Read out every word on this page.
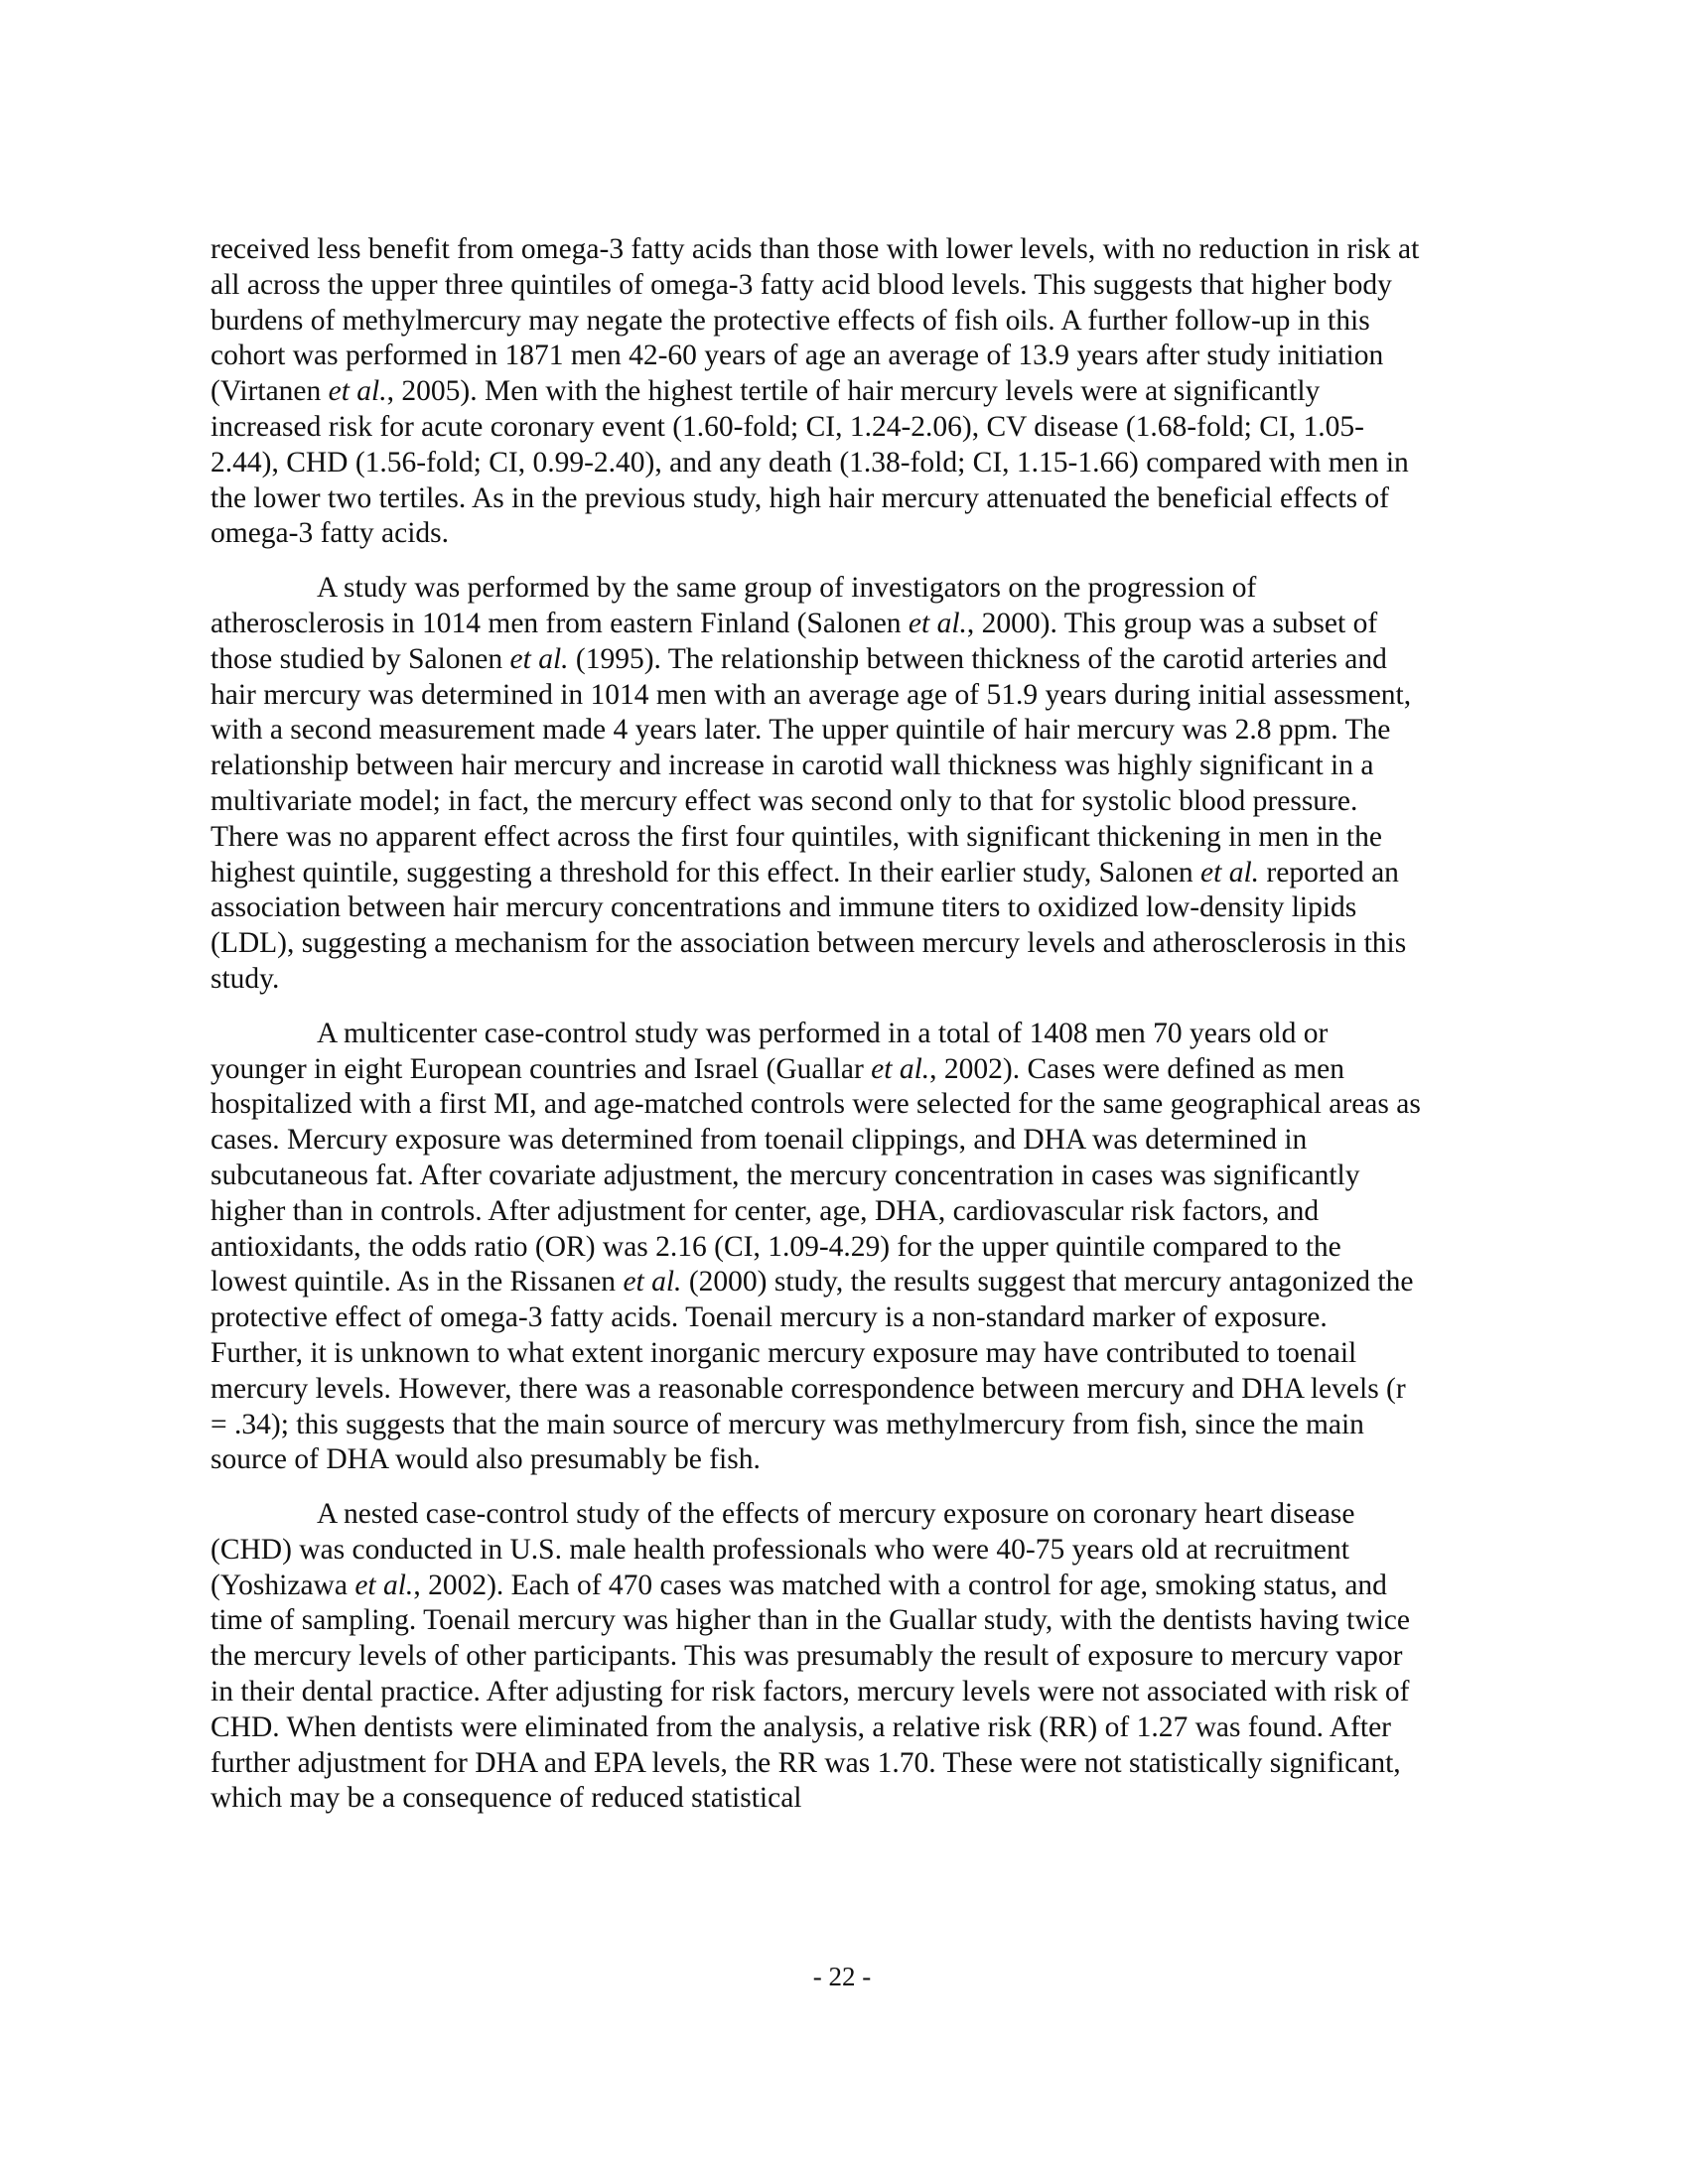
received less benefit from omega-3 fatty acids than those with lower levels, with no reduction in risk at all across the upper three quintiles of omega-3 fatty acid blood levels. This suggests that higher body burdens of methylmercury may negate the protective effects of fish oils. A further follow-up in this cohort was performed in 1871 men 42-60 years of age an average of 13.9 years after study initiation (Virtanen et al., 2005). Men with the highest tertile of hair mercury levels were at significantly increased risk for acute coronary event (1.60-fold; CI, 1.24-2.06), CV disease (1.68-fold; CI, 1.05-2.44), CHD (1.56-fold; CI, 0.99-2.40), and any death (1.38-fold; CI, 1.15-1.66) compared with men in the lower two tertiles. As in the previous study, high hair mercury attenuated the beneficial effects of omega-3 fatty acids.

A study was performed by the same group of investigators on the progression of atherosclerosis in 1014 men from eastern Finland (Salonen et al., 2000). This group was a subset of those studied by Salonen et al. (1995). The relationship between thickness of the carotid arteries and hair mercury was determined in 1014 men with an average age of 51.9 years during initial assessment, with a second measurement made 4 years later. The upper quintile of hair mercury was 2.8 ppm. The relationship between hair mercury and increase in carotid wall thickness was highly significant in a multivariate model; in fact, the mercury effect was second only to that for systolic blood pressure. There was no apparent effect across the first four quintiles, with significant thickening in men in the highest quintile, suggesting a threshold for this effect. In their earlier study, Salonen et al. reported an association between hair mercury concentrations and immune titers to oxidized low-density lipids (LDL), suggesting a mechanism for the association between mercury levels and atherosclerosis in this study.

A multicenter case-control study was performed in a total of 1408 men 70 years old or younger in eight European countries and Israel (Guallar et al., 2002). Cases were defined as men hospitalized with a first MI, and age-matched controls were selected for the same geographical areas as cases. Mercury exposure was determined from toenail clippings, and DHA was determined in subcutaneous fat. After covariate adjustment, the mercury concentration in cases was significantly higher than in controls. After adjustment for center, age, DHA, cardiovascular risk factors, and antioxidants, the odds ratio (OR) was 2.16 (CI, 1.09-4.29) for the upper quintile compared to the lowest quintile. As in the Rissanen et al. (2000) study, the results suggest that mercury antagonized the protective effect of omega-3 fatty acids. Toenail mercury is a non-standard marker of exposure. Further, it is unknown to what extent inorganic mercury exposure may have contributed to toenail mercury levels. However, there was a reasonable correspondence between mercury and DHA levels (r = .34); this suggests that the main source of mercury was methylmercury from fish, since the main source of DHA would also presumably be fish.

A nested case-control study of the effects of mercury exposure on coronary heart disease (CHD) was conducted in U.S. male health professionals who were 40-75 years old at recruitment (Yoshizawa et al., 2002). Each of 470 cases was matched with a control for age, smoking status, and time of sampling. Toenail mercury was higher than in the Guallar study, with the dentists having twice the mercury levels of other participants. This was presumably the result of exposure to mercury vapor in their dental practice. After adjusting for risk factors, mercury levels were not associated with risk of CHD. When dentists were eliminated from the analysis, a relative risk (RR) of 1.27 was found. After further adjustment for DHA and EPA levels, the RR was 1.70. These were not statistically significant, which may be a consequence of reduced statistical

- 22 -
